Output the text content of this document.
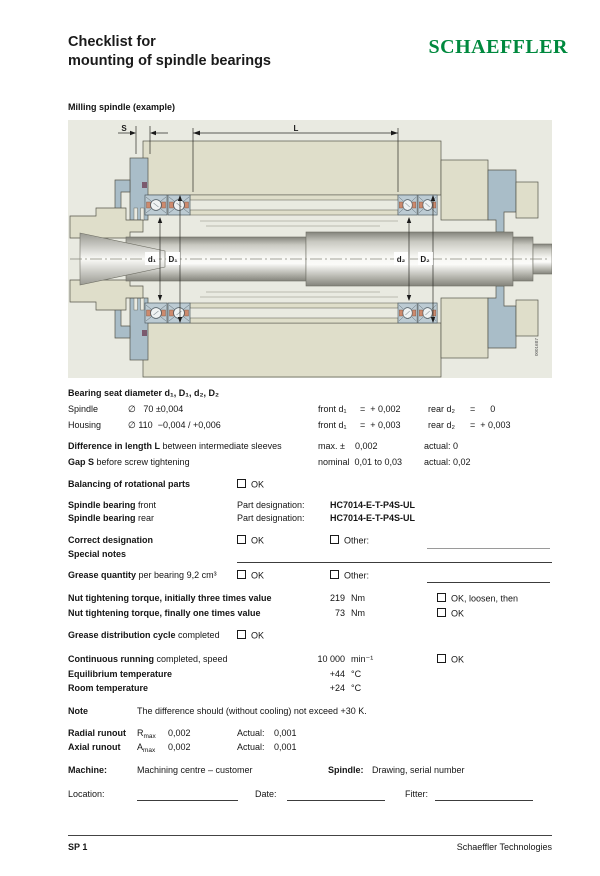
Checklist for
mounting of spindle bearings
SCHAEFFLER
Milling spindle (example)
S	L
d₁ D₁	d₂ D₂
00016B7
Bearing seat diameter d₁, D₁, d₂, D₂
Spindle	∅   70 ±0,004	front d₁ =  + 0,002	rear d₂ =      0
Housing	∅ 110  −0,004 / +0,006	front d₁ =  + 0,003	rear d₂ =  + 0,003
Difference in length L between intermediate sleeves	max. ±    0,002	actual: 0
Gap S before screw tightening	nominal  0,01 to 0,03 actual: 0,02
Balancing of rotational parts	OK
Spindle bearing front	Part designation:	HC7014-E-T-P4S-UL
Spindle bearing rear	Part designation:	HC7014-E-T-P4S-UL
Correct designation	OK	Other:
Special notes
Grease quantity per bearing 9,2 cm³	OK	Other:
Nut tightening torque, initially three times value	219 Nm	OK, loosen, then
Nut tightening torque, finally one times value	73 Nm	OK
Grease distribution cycle completed	OK
Continuous running completed, speed	10 000 min⁻¹	OK
Equilibrium temperature	+44 °C
Room temperature	+24 °C
Note	The difference should (without cooling) not exceed +30 K.
Radial runout $R_{max}$ 0,002	Actual: 0,001
Axial runout $A_{max}$ 0,002	Actual: 0,001
Machine:	Machining centre – customer	Spindle: Drawing, serial number
Location:	Date:	Fitter:
SP 1	Schaeffler Technologies
